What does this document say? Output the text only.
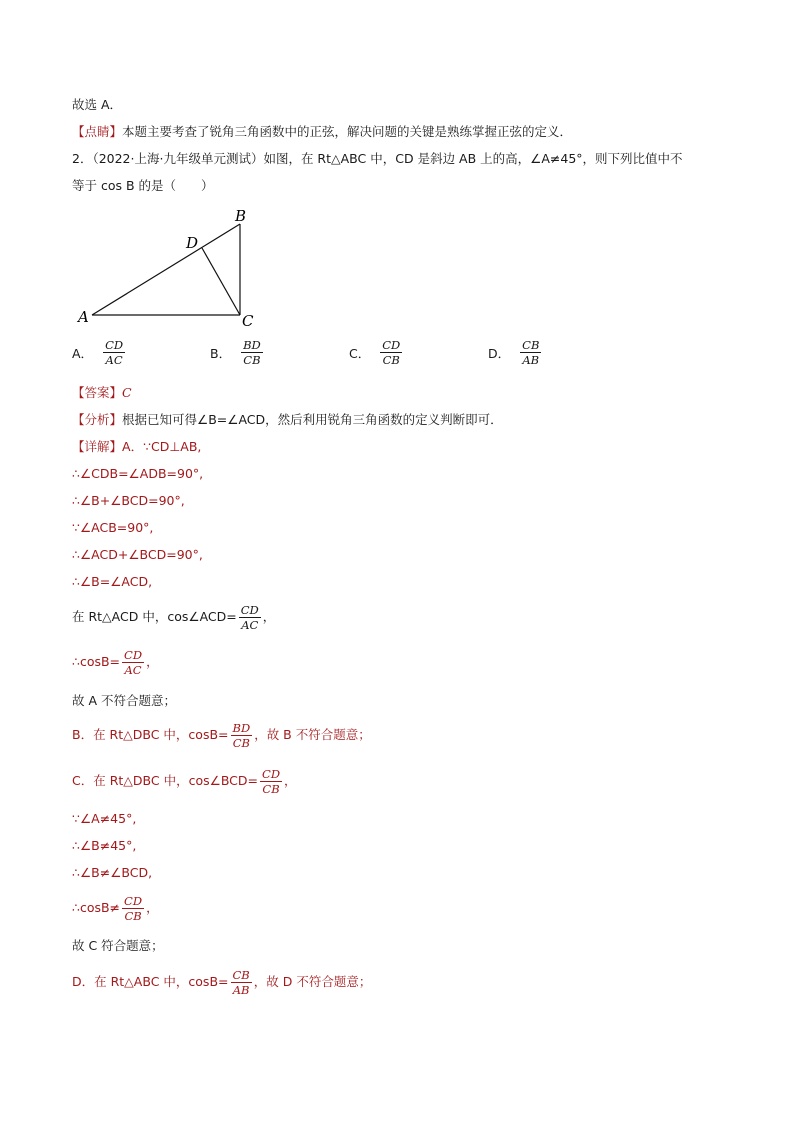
故选 A．
【点睛】本题主要考查了锐角三角函数中的正弦，解决问题的关键是熟练掌握正弦的定义．
2．（2022·上海·九年级单元测试）如图，在 Rt△ABC 中，CD 是斜边 AB 上的高，∠A≠45°，则下列比值中不
等于 cos B 的是（　　）
A
B
C
D
A． $\frac{CD}{AC}$	B． $\frac{BD}{CB}$	C． $\frac{CD}{CB}$	D． $\frac{CB}{AB}$
【答案】C
【分析】根据已知可得∠B=∠ACD，然后利用锐角三角函数的定义判断即可．
【详解】A．∵CD⊥AB,
∴∠CDB=∠ADB=90°,
∴∠B+∠BCD=90°,
∵∠ACB=90°,
∴∠ACD+∠BCD=90°,
∴∠B=∠ACD,
在 Rt△ACD 中，cos∠ACD= $\frac{CD}{AC}$ ，
∴cosB= $\frac{CD}{AC}$ ，
故 A 不符合题意；
B．在 Rt△DBC 中，$\cos B= \frac{BD}{CB}$ ，故 B 不符合题意；
C．在 Rt△DBC 中，cos∠BCD= $\frac{CD}{CB}$ ，
∵∠A≠45°,
∴∠B≠45°,
∴∠B≠∠BCD,
∴cosB≠ $\frac{CD}{CB}$ ，
故 C 符合题意；
D．在 Rt△ABC 中，$\cos B= \frac{CB}{AB}$ ，故 D 不符合题意；
